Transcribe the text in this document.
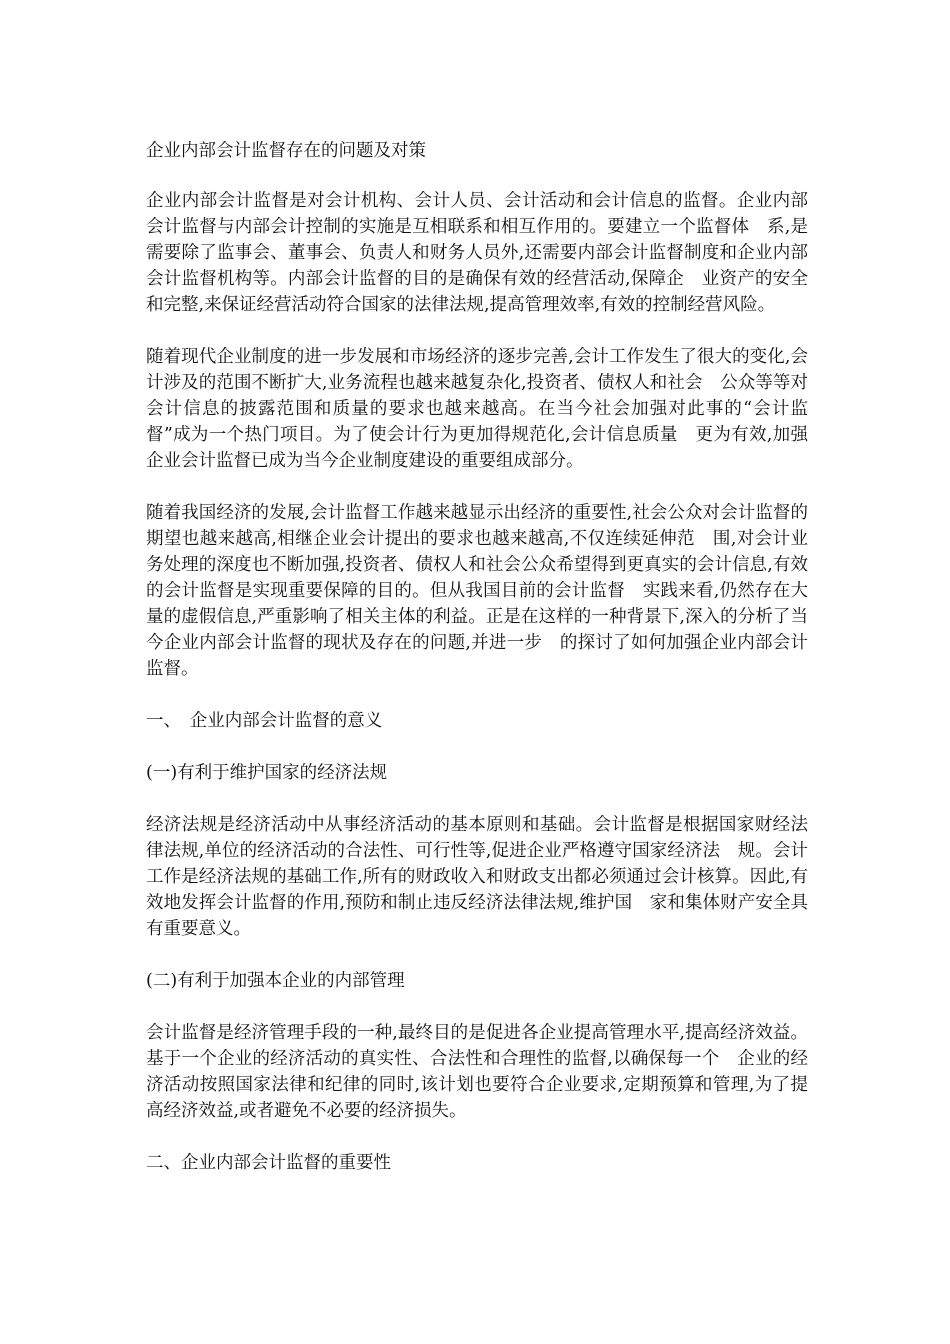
企业内部会计监督存在的问题及对策

企业内部会计监督是对会计机构、会计人员、会计活动和会计信息的监督。企业内部会计监督与内部会计控制的实施是互相联系和相互作用的。要建立一个监督体　系,是需要除了监事会、董事会、负责人和财务人员外,还需要内部会计监督制度和企业内部会计监督机构等。内部会计监督的目的是确保有效的经营活动,保障企　业资产的安全和完整,来保证经营活动符合国家的法律法规,提高管理效率,有效的控制经营风险。

随着现代企业制度的进一步发展和市场经济的逐步完善,会计工作发生了很大的变化,会计涉及的范围不断扩大,业务流程也越来越复杂化,投资者、债权人和社会　公众等等对会计信息的披露范围和质量的要求也越来越高。在当今社会加强对此事的“会计监督”成为一个热门项目。为了使会计行为更加得规范化,会计信息质量　更为有效,加强企业会计监督已成为当今企业制度建设的重要组成部分。

随着我国经济的发展,会计监督工作越来越显示出经济的重要性,社会公众对会计监督的期望也越来越高,相继企业会计提出的要求也越来越高,不仅连续延伸范　围,对会计业务处理的深度也不断加强,投资者、债权人和社会公众希望得到更真实的会计信息,有效的会计监督是实现重要保障的目的。但从我国目前的会计监督　实践来看,仍然存在大量的虚假信息,严重影响了相关主体的利益。正是在这样的一种背景下,深入的分析了当今企业内部会计监督的现状及存在的问题,并进一步　的探讨了如何加强企业内部会计监督。

一、　企业内部会计监督的意义

(一)有利于维护国家的经济法规

经济法规是经济活动中从事经济活动的基本原则和基础。会计监督是根据国家财经法律法规,单位的经济活动的合法性、可行性等,促进企业严格遵守国家经济法　规。会计工作是经济法规的基础工作,所有的财政收入和财政支出都必须通过会计核算。因此,有效地发挥会计监督的作用,预防和制止违反经济法律法规,维护国　家和集体财产安全具有重要意义。

(二)有利于加强本企业的内部管理

会计监督是经济管理手段的一种,最终目的是促进各企业提高管理水平,提高经济效益。基于一个企业的经济活动的真实性、合法性和合理性的监督,以确保每一个　企业的经济活动按照国家法律和纪律的同时,该计划也要符合企业要求,定期预算和管理,为了提高经济效益,或者避免不必要的经济损失。

二、企业内部会计监督的重要性
